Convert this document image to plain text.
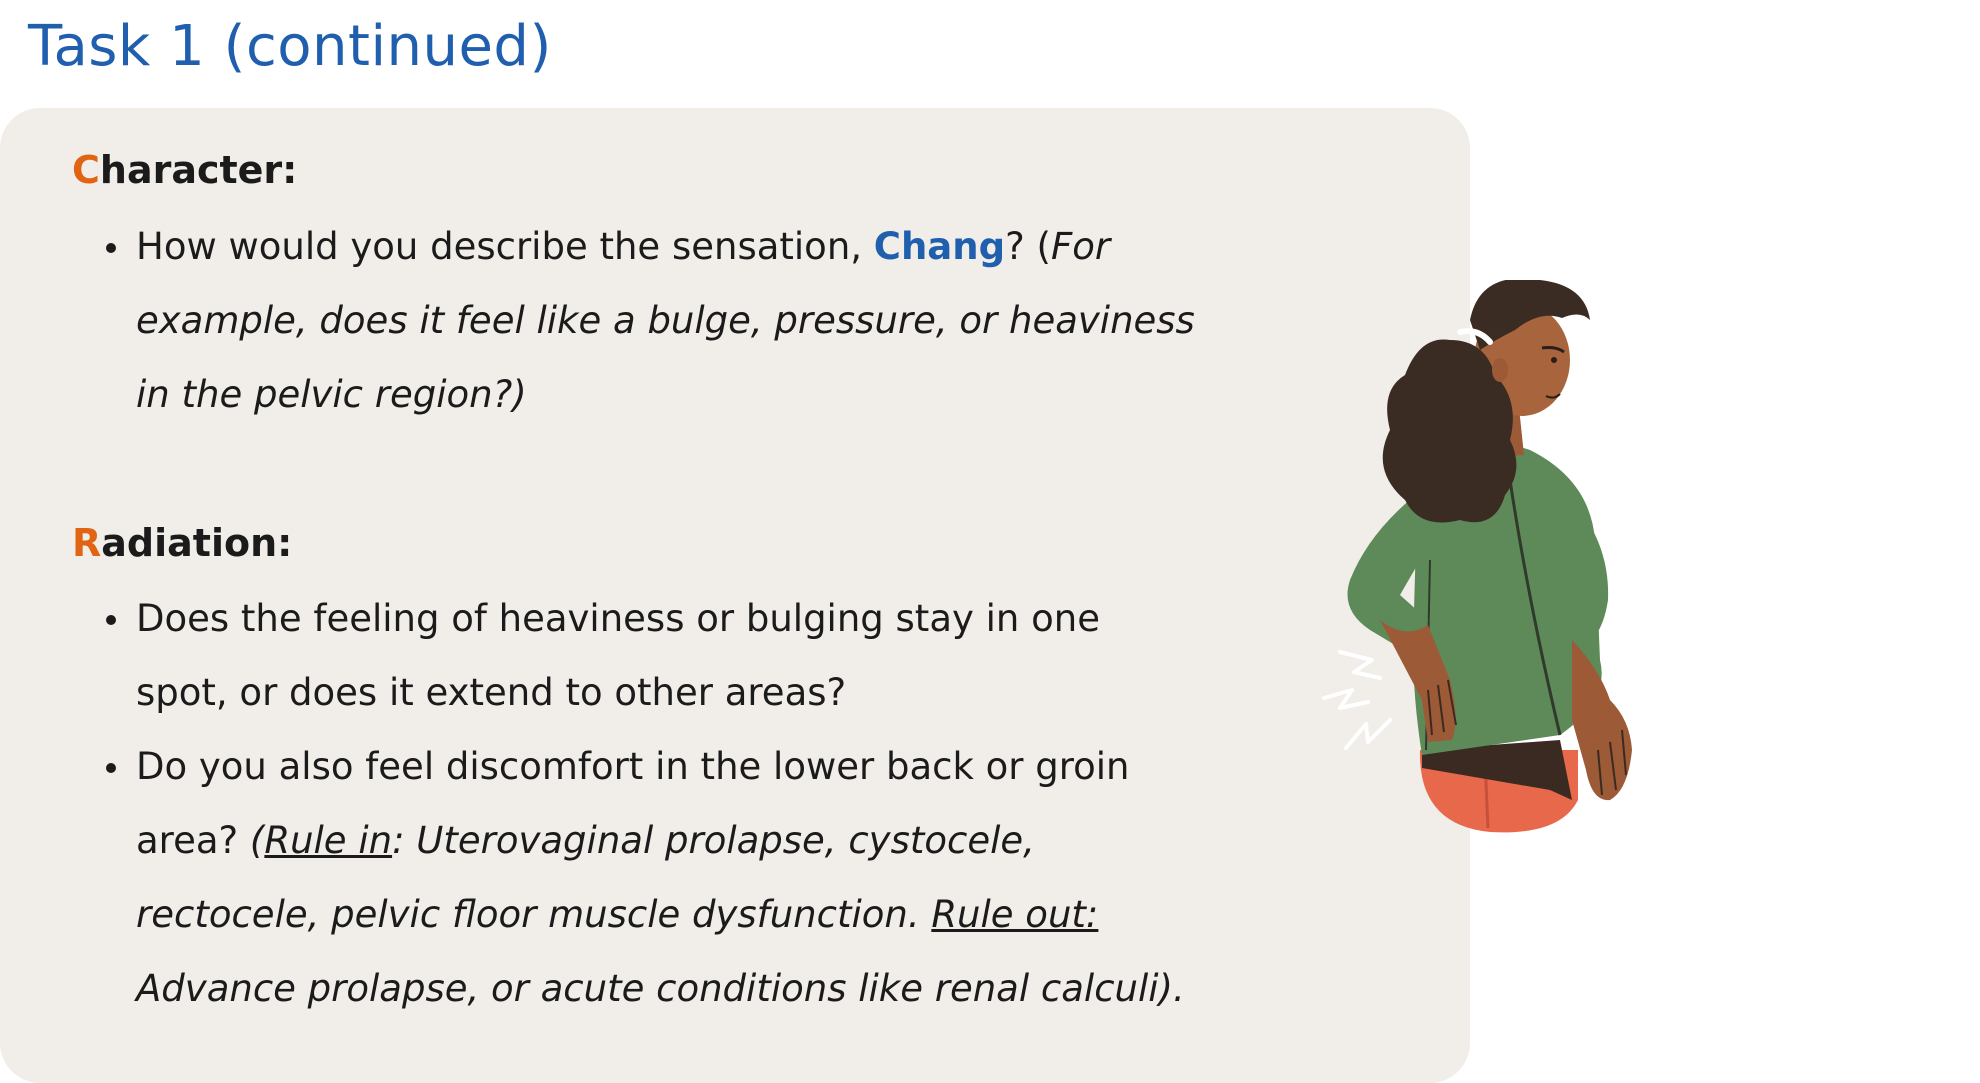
Task 1 (continued)
Character:
How would you describe the sensation, Chang? (For example, does it feel like a bulge, pressure, or heaviness in the pelvic region?)
Radiation:
Does the feeling of heaviness or bulging stay in one spot, or does it extend to other areas?
Do you also feel discomfort in the lower back or groin area? (Rule in: Uterovaginal prolapse, cystocele, rectocele, pelvic floor muscle dysfunction. Rule out: Advance prolapse, or acute conditions like renal calculi).
